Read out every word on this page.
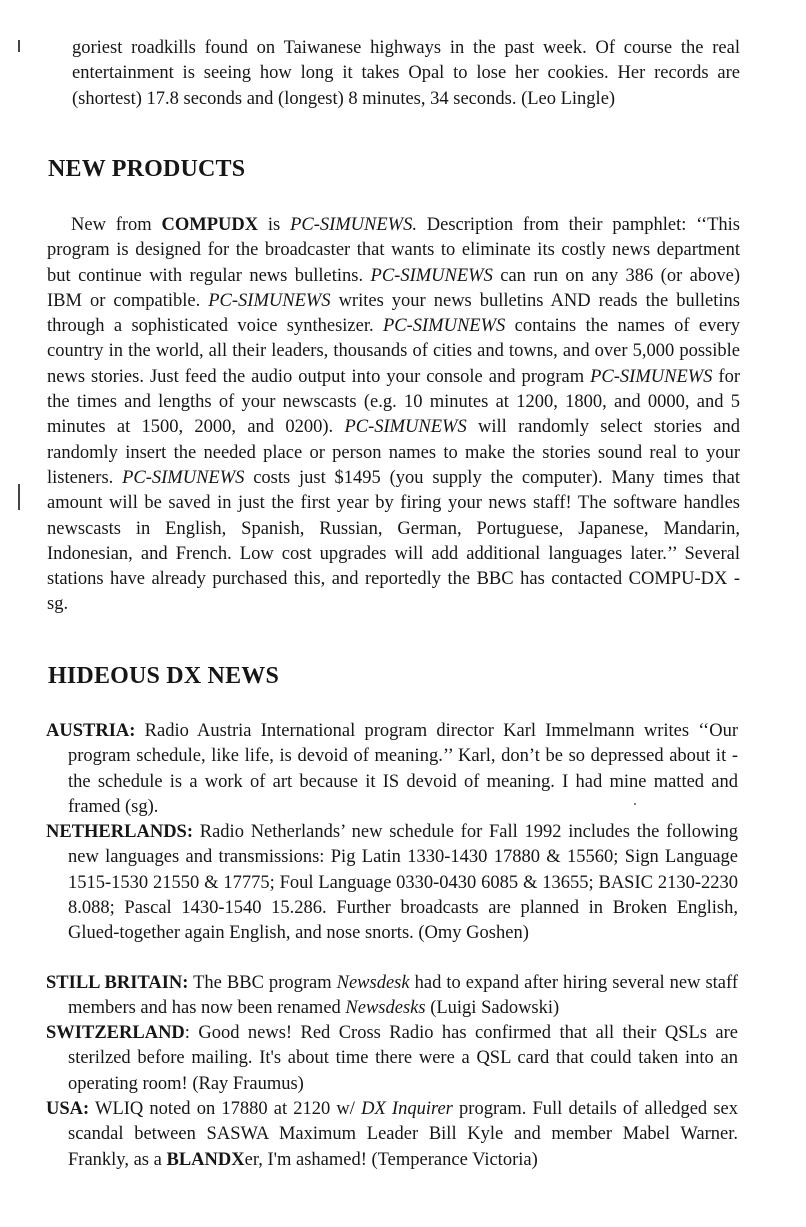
goriest roadkills found on Taiwanese highways in the past week. Of course the real entertainment is seeing how long it takes Opal to lose her cookies. Her records are (shortest) 17.8 seconds and (longest) 8 minutes, 34 seconds. (Leo Lingle)

NEW PRODUCTS

New from COMPUDX is PC-SIMUNEWS. Description from their pamphlet: ‘‘This program is designed for the broadcaster that wants to eliminate its costly news department but continue with regular news bulletins. PC-SIMUNEWS can run on any 386 (or above) IBM or compatible. PC-SIMUNEWS writes your news bulletins AND reads the bulletins through a sophisticated voice synthesizer. PC-SIMUNEWS contains the names of every country in the world, all their leaders, thousands of cities and towns, and over 5,000 possible news stories. Just feed the audio output into your console and program PC-SIMUNEWS for the times and lengths of your newscasts (e.g. 10 minutes at 1200, 1800, and 0000, and 5 minutes at 1500, 2000, and 0200). PC-SIMUNEWS will randomly select stories and randomly insert the needed place or person names to make the stories sound real to your listeners. PC-SIMUNEWS costs just $1495 (you supply the computer). Many times that amount will be saved in just the first year by firing your news staff! The software handles newscasts in English, Spanish, Russian, German, Portuguese, Japanese, Mandarin, Indonesian, and French. Low cost upgrades will add additional languages later.’’ Several stations have already purchased this, and reportedly the BBC has contacted COMPU-DX - sg.

HIDEOUS DX NEWS

AUSTRIA: Radio Austria International program director Karl Immelmann writes ‘‘Our program schedule, like life, is devoid of meaning.’’ Karl, don’t be so depressed about it - the schedule is a work of art because it IS devoid of meaning. I had mine matted and framed (sg).

NETHERLANDS: Radio Netherlands’ new schedule for Fall 1992 includes the following new languages and transmissions: Pig Latin 1330-1430 17880 & 15560; Sign Language 1515-1530 21550 & 17775; Foul Language 0330-0430 6085 & 13655; BASIC 2130-2230 8.088; Pascal 1430-1540 15.286. Further broadcasts are planned in Broken English, Glued-together again English, and nose snorts. (Omy Goshen)

STILL BRITAIN: The BBC program Newsdesk had to expand after hiring several new staff members and has now been renamed Newsdesks (Luigi Sadowski)

SWITZERLAND: Good news! Red Cross Radio has confirmed that all their QSLs are sterilzed before mailing. It's about time there were a QSL card that could taken into an operating room! (Ray Fraumus)

USA: WLIQ noted on 17880 at 2120 w/ DX Inquirer program. Full details of alledged sex scandal between SASWA Maximum Leader Bill Kyle and member Mabel Warner. Frankly, as a BLANDXer, I'm ashamed! (Temperance Victoria)
